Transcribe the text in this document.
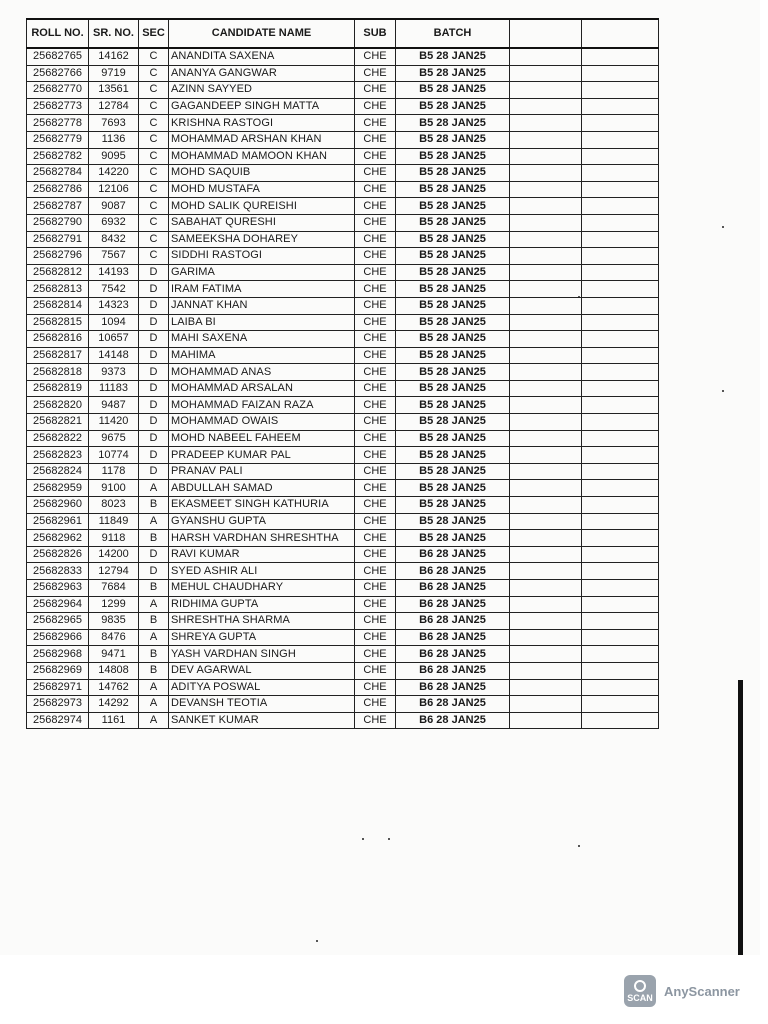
ROLL NO.	SR. NO.	SEC	CANDIDATE NAME	SUB	BATCH		
25682765	14162	C	ANANDITA SAXENA	CHE	B5 28 JAN25		
25682766	9719	C	ANANYA GANGWAR	CHE	B5 28 JAN25		
25682770	13561	C	AZINN SAYYED	CHE	B5 28 JAN25		
25682773	12784	C	GAGANDEEP SINGH MATTA	CHE	B5 28 JAN25		
25682778	7693	C	KRISHNA RASTOGI	CHE	B5 28 JAN25		
25682779	1136	C	MOHAMMAD ARSHAN KHAN	CHE	B5 28 JAN25		
25682782	9095	C	MOHAMMAD MAMOON KHAN	CHE	B5 28 JAN25		
25682784	14220	C	MOHD SAQUIB	CHE	B5 28 JAN25		
25682786	12106	C	MOHD MUSTAFA	CHE	B5 28 JAN25		
25682787	9087	C	MOHD SALIK QUREISHI	CHE	B5 28 JAN25		
25682790	6932	C	SABAHAT QURESHI	CHE	B5 28 JAN25		
25682791	8432	C	SAMEEKSHA DOHAREY	CHE	B5 28 JAN25		
25682796	7567	C	SIDDHI RASTOGI	CHE	B5 28 JAN25		
25682812	14193	D	GARIMA	CHE	B5 28 JAN25		
25682813	7542	D	IRAM FATIMA	CHE	B5 28 JAN25		
25682814	14323	D	JANNAT KHAN	CHE	B5 28 JAN25		
25682815	1094	D	LAIBA BI	CHE	B5 28 JAN25		
25682816	10657	D	MAHI SAXENA	CHE	B5 28 JAN25		
25682817	14148	D	MAHIMA	CHE	B5 28 JAN25		
25682818	9373	D	MOHAMMAD ANAS	CHE	B5 28 JAN25		
25682819	11183	D	MOHAMMAD ARSALAN	CHE	B5 28 JAN25		
25682820	9487	D	MOHAMMAD FAIZAN RAZA	CHE	B5 28 JAN25		
25682821	11420	D	MOHAMMAD OWAIS	CHE	B5 28 JAN25		
25682822	9675	D	MOHD NABEEL FAHEEM	CHE	B5 28 JAN25		
25682823	10774	D	PRADEEP KUMAR PAL	CHE	B5 28 JAN25		
25682824	1178	D	PRANAV PALI	CHE	B5 28 JAN25		
25682959	9100	A	ABDULLAH SAMAD	CHE	B5 28 JAN25		
25682960	8023	B	EKASMEET SINGH KATHURIA	CHE	B5 28 JAN25		
25682961	11849	A	GYANSHU GUPTA	CHE	B5 28 JAN25		
25682962	9118	B	HARSH VARDHAN SHRESHTHA	CHE	B5 28 JAN25		
25682826	14200	D	RAVI KUMAR	CHE	B6 28 JAN25		
25682833	12794	D	SYED ASHIR ALI	CHE	B6 28 JAN25		
25682963	7684	B	MEHUL CHAUDHARY	CHE	B6 28 JAN25		
25682964	1299	A	RIDHIMA GUPTA	CHE	B6 28 JAN25		
25682965	9835	B	SHRESHTHA SHARMA	CHE	B6 28 JAN25		
25682966	8476	A	SHREYA GUPTA	CHE	B6 28 JAN25		
25682968	9471	B	YASH VARDHAN SINGH	CHE	B6 28 JAN25		
25682969	14808	B	DEV AGARWAL	CHE	B6 28 JAN25		
25682971	14762	A	ADITYA POSWAL	CHE	B6 28 JAN25		
25682973	14292	A	DEVANSH TEOTIA	CHE	B6 28 JAN25		
25682974	1161	A	SANKET KUMAR	CHE	B6 28 JAN25		
SCAN AnyScanner
